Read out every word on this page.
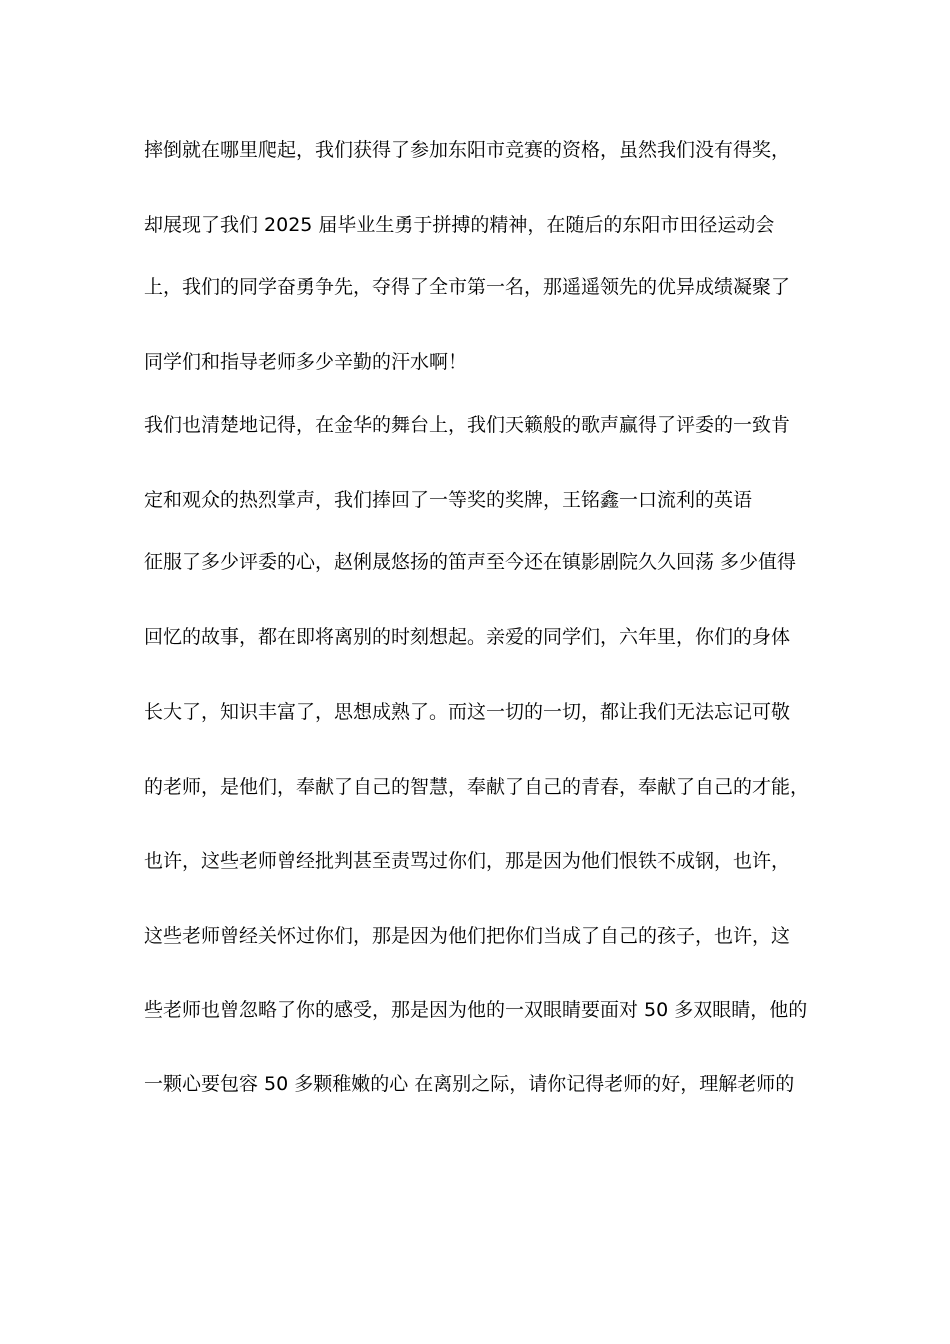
摔倒就在哪里爬起，我们获得了参加东阳市竞赛的资格，虽然我们没有得奖，
却展现了我们 2025 届毕业生勇于拼搏的精神，在随后的东阳市田径运动会
上，我们的同学奋勇争先，夺得了全市第一名，那遥遥领先的优异成绩凝聚了
同学们和指导老师多少辛勤的汗水啊！
我们也清楚地记得，在金华的舞台上，我们天籁般的歌声赢得了评委的一致肯
定和观众的热烈掌声，我们捧回了一等奖的奖牌，王铭鑫一口流利的英语
征服了多少评委的心，赵俐晟悠扬的笛声至今还在镇影剧院久久回荡 多少值得
回忆的故事，都在即将离别的时刻想起。亲爱的同学们，六年里，你们的身体
长大了，知识丰富了，思想成熟了。而这一切的一切，都让我们无法忘记可敬
的老师，是他们，奉献了自己的智慧，奉献了自己的青春，奉献了自己的才能，
也许，这些老师曾经批判甚至责骂过你们，那是因为他们恨铁不成钢，也许，
这些老师曾经关怀过你们，那是因为他们把你们当成了自己的孩子，也许，这
些老师也曾忽略了你的感受，那是因为他的一双眼睛要面对 50 多双眼睛，他的
一颗心要包容 50 多颗稚嫩的心 在离别之际，请你记得老师的好，理解老师的
